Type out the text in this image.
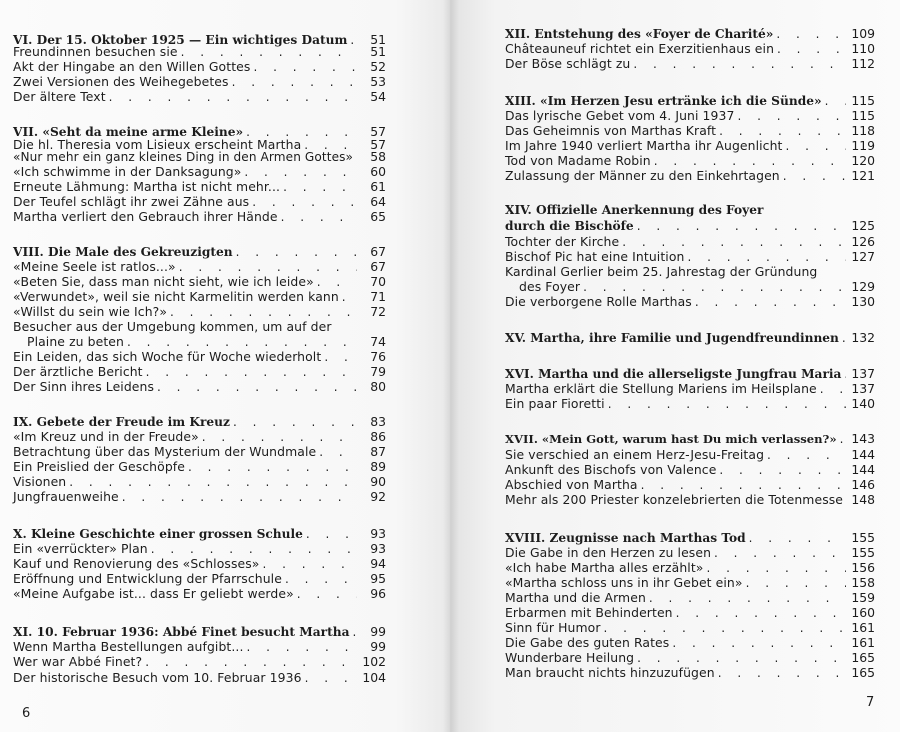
VI. Der 15. Oktober 1925 — Ein wichtiges Datum . . .	51
Freundinnen besuchen sie . . .	51
Akt der Hingabe an den Willen Gottes . . .	52
Zwei Versionen des Weihegebetes . . .	53
Der ältere Text . . .	54
VII. «Seht da meine arme Kleine» . . .	57
Die hl. Theresia vom Lisieux erscheint Martha . . .	57
«Nur mehr ein ganz kleines Ding in den Armen Gottes» . . .	58
«Ich schwimme in der Danksagung» . . .	60
Erneute Lähmung: Martha ist nicht mehr... . . .	61
Der Teufel schlägt ihr zwei Zähne aus . . .	64
Martha verliert den Gebrauch ihrer Hände . . .	65
VIII. Die Male des Gekreuzigten . . .	67
«Meine Seele ist ratlos...» . . .	67
«Beten Sie, dass man nicht sieht, wie ich leide» . . .	70
«Verwundet», weil sie nicht Karmelitin werden kann . . .	71
«Willst du sein wie Ich?» . . .	72
Besucher aus der Umgebung kommen, um auf der
Plaine zu beten . . .	74
Ein Leiden, das sich Woche für Woche wiederholt . . .	76
Der ärztliche Bericht . . .	79
Der Sinn ihres Leidens . . .	80
IX. Gebete der Freude im Kreuz . . .	83
«Im Kreuz und in der Freude» . . .	86
Betrachtung über das Mysterium der Wundmale . . .	87
Ein Preislied der Geschöpfe . . .	89
Visionen . . .	90
Jungfrauenweihe . . .	92
X. Kleine Geschichte einer grossen Schule . . .	93
Ein «verrückter» Plan . . .	93
Kauf und Renovierung des «Schlosses» . . .	94
Eröffnung und Entwicklung der Pfarrschule . . .	95
«Meine Aufgabe ist... dass Er geliebt werde» . . .	96
XI. 10. Februar 1936: Abbé Finet besucht Martha . . .	99
Wenn Martha Bestellungen aufgibt... . . .	99
Wer war Abbé Finet? . . .	102
Der historische Besuch vom 10. Februar 1936 . . .	104
6
XII. Entstehung des «Foyer de Charité» . . .	109
Châteauneuf richtet ein Exerzitienhaus ein . . .	110
Der Böse schlägt zu . . .	112
XIII. «Im Herzen Jesu ertränke ich die Sünde» . . . 115
Das lyrische Gebet vom 4. Juni 1937 . . .	115
Das Geheimnis von Marthas Kraft . . .	118
Im Jahre 1940 verliert Martha ihr Augenlicht . . .	119
Tod von Madame Robin . . .	120
Zulassung der Männer zu den Einkehrtagen . . .	121
XIV. Offizielle Anerkennung des Foyer
durch die Bischöfe . . .	125
Tochter der Kirche . . .	126
Bischof Pic hat eine Intuition . . .	127
Kardinal Gerlier beim 25. Jahrestag der Gründung
des Foyer . . .	129
Die verborgene Rolle Marthas . . .	130
XV. Martha, ihre Familie und Jugendfreundinnen . . . 132
XVI. Martha und die allerseligste Jungfrau Maria . . . 137
Martha erklärt die Stellung Mariens im Heilsplane . . .	137
Ein paar Fioretti . . .	140
XVII. «Mein Gott, warum hast Du mich verlassen?» . . . 143
Sie verschied an einem Herz-Jesu-Freitag . . .	144
Ankunft des Bischofs von Valence . . .	144
Abschied von Martha . . .	146
Mehr als 200 Priester konzelebrierten die Totenmesse 148
XVIII. Zeugnisse nach Marthas Tod . . .	155
Die Gabe in den Herzen zu lesen . . .	155
«Ich habe Martha alles erzählt» . . .	156
«Martha schloss uns in ihr Gebet ein» . . .	158
Martha und die Armen . . .	159
Erbarmen mit Behinderten . . .	160
Sinn für Humor . . .	161
Die Gabe des guten Rates . . .	161
Wunderbare Heilung . . .	165
Man braucht nichts hinzuzufügen . . .	165
7
